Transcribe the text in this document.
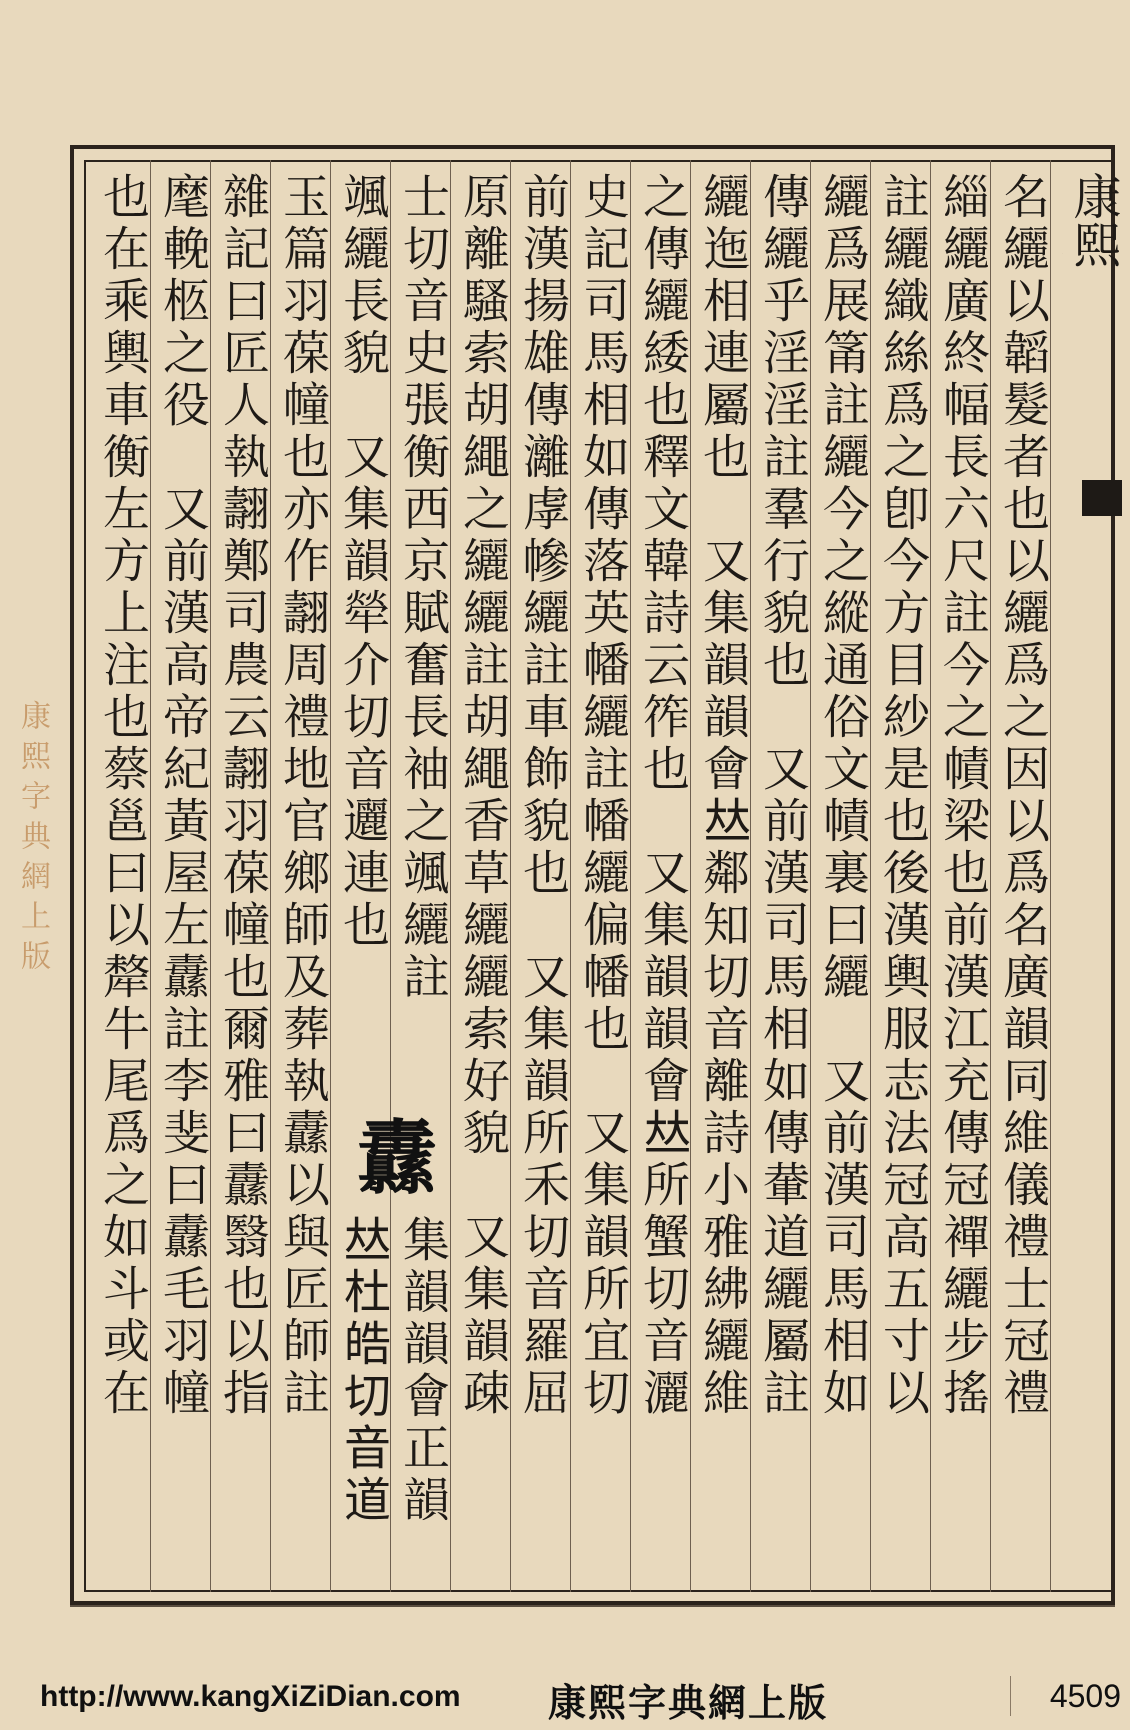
康熙
康熙字典網上版	名纚以韜髮者也以纚爲之因以爲名廣韻同維儀禮士冠禮
緇纚廣終幅長六尺註今之幘梁也前漢江充傳冠襌纚步搖
註纚織絲爲之卽今方目紗是也後漢輿服志法冠高五寸以
纚爲展筩註纚今之縱通俗文幘裏曰纚　又前漢司馬相如
傳纚乎淫淫註羣行貌也　又前漢司馬相如傳輂道纚屬註
纚迤相連屬也　又集韻韻會𠀤鄰知切音離詩小雅紼纚維
之傳纚緌也釋文韓詩云筰也　又集韻韻會𠀤所蟹切音灑
史記司馬相如傳落英幡纚註幡纚偏幡也　又集韻所宜切
前漢揚雄傳灕虖幓纚註車飾貌也　又集韻所禾切音羅屈
原離騷索胡繩之纚纚註胡繩香草纚纚索好貌　又集韻疎
士切音史張衡西京賦奮長袖之颯纚註
颯纚長貌　又集韻犖介切音邐連也
玉篇羽葆幢也亦作翿周禮地官鄉師及葬執纛以與匠師註
雜記曰匠人執翿鄭司農云翿羽葆幢也爾雅曰纛翳也以指
麾輓柩之役　又前漢高帝紀黃屋左纛註李斐曰纛毛羽幢
也在乘輿車衡左方上注也蔡邕曰以犛牛尾爲之如斗或在	纛
𠀤杜皓切音道 集韻韻會正韻
http://www.kangXiZiDian.com 康熙字典網上版	4509
